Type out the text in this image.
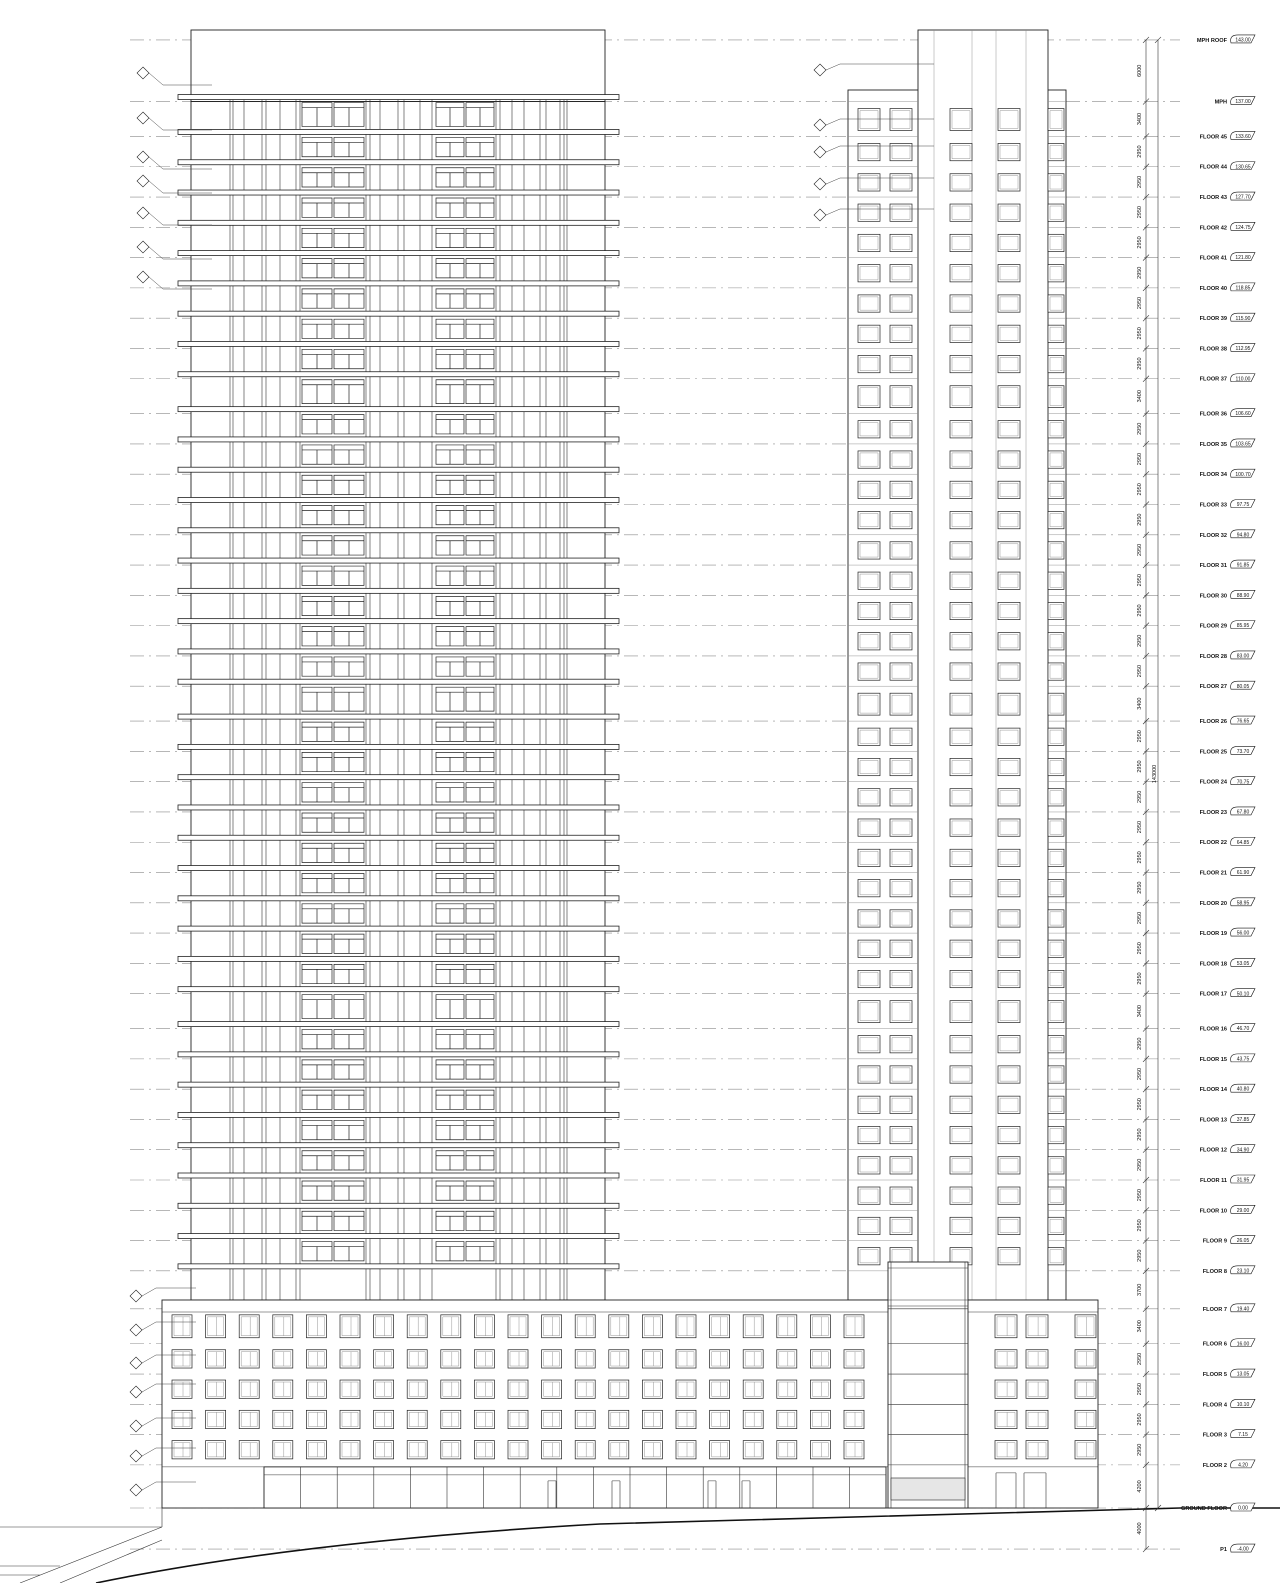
MPH ROOF 143.00
MPH 137.00
FLOOR 45 133.60
FLOOR 44 130.65
FLOOR 43 127.70
FLOOR 42 124.75
FLOOR 41 121.80
FLOOR 40 118.85
FLOOR 39 115.90
FLOOR 38 112.95
FLOOR 37 110.00
FLOOR 36 106.60
FLOOR 35 103.65
FLOOR 34 100.70
FLOOR 33 97.75
FLOOR 32 94.80
FLOOR 31 91.85
FLOOR 30 88.90
FLOOR 29 85.95
FLOOR 28 83.00
FLOOR 27 80.05
FLOOR 26 76.65
FLOOR 25 73.70
FLOOR 24 70.75
FLOOR 23 67.80
FLOOR 22 64.85
FLOOR 21 61.90
FLOOR 20 58.95
FLOOR 19 56.00
FLOOR 18 53.05
FLOOR 17 50.10
FLOOR 16 46.70
FLOOR 15 43.75
FLOOR 14 40.80
FLOOR 13 37.85
FLOOR 12 34.90
FLOOR 11 31.95
FLOOR 10 29.00
FLOOR 9 26.05
FLOOR 8 23.10
FLOOR 7 19.40
FLOOR 6 16.00
FLOOR 5 13.05
FLOOR 4 10.10
FLOOR 3 7.15
FLOOR 2 4.20
GROUND FLOOR 0.00
P1 -4.00
6000
3400
2950
2950
2950
2950
2950
2950
2950
2950
3400
2950
2950
2950
2950
2950
2950
2950
2950
2950
3400
2950
2950
2950
2950
2950
2950
2950
2950
2950
3400
2950
2950
2950
2950
2950
2950
2950
2950
3700
3400
2950
2950
2950
2950
4200
4000
143000
